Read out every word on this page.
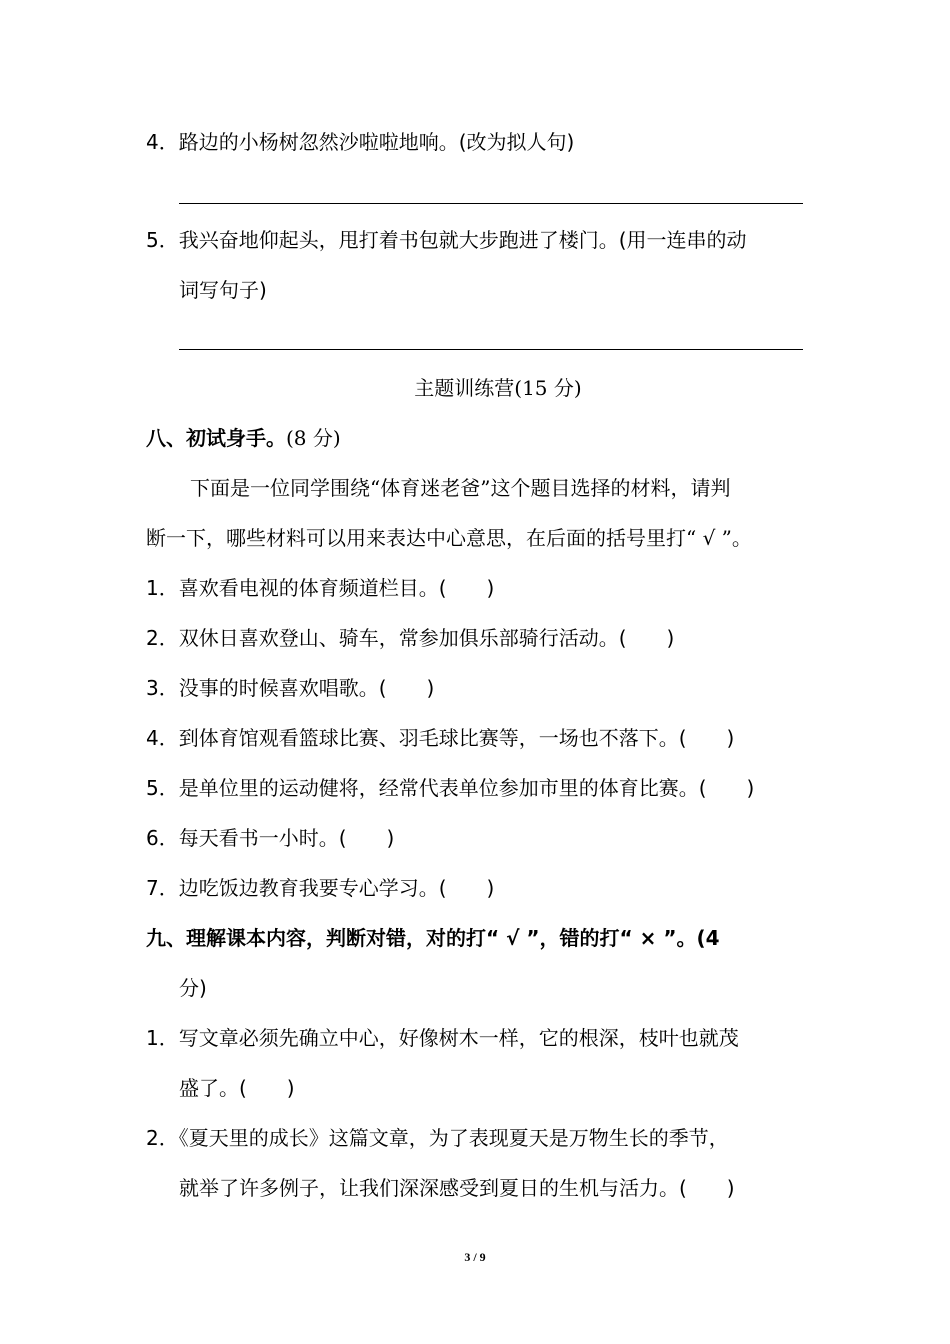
4．路边的小杨树忽然沙啦啦地响。(改为拟人句)
5．我兴奋地仰起头，甩打着书包就大步跑进了楼门。(用一连串的动
词写句子)
主题训练营(15 分)
八、初试身手。(8 分)
下面是一位同学围绕“体育迷老爸”这个题目选择的材料，请判
断一下，哪些材料可以用来表达中心意思，在后面的括号里打“ √ ”。
1．喜欢看电视的体育频道栏目。(　　)
2．双休日喜欢登山、骑车，常参加俱乐部骑行活动。(　　)
3．没事的时候喜欢唱歌。(　　)
4．到体育馆观看篮球比赛、羽毛球比赛等，一场也不落下。(　　)
5．是单位里的运动健将，经常代表单位参加市里的体育比赛。(　　)
6．每天看书一小时。(　　)
7．边吃饭边教育我要专心学习。(　　)
九、理解课本内容，判断对错，对的打“ √ ”，错的打“ × ”。(4
分)
1．写文章必须先确立中心，好像树木一样，它的根深，枝叶也就茂
盛了。(　　)
2．《夏天里的成长》这篇文章，为了表现夏天是万物生长的季节，
就举了许多例子，让我们深深感受到夏日的生机与活力。(　　)
3 / 9
